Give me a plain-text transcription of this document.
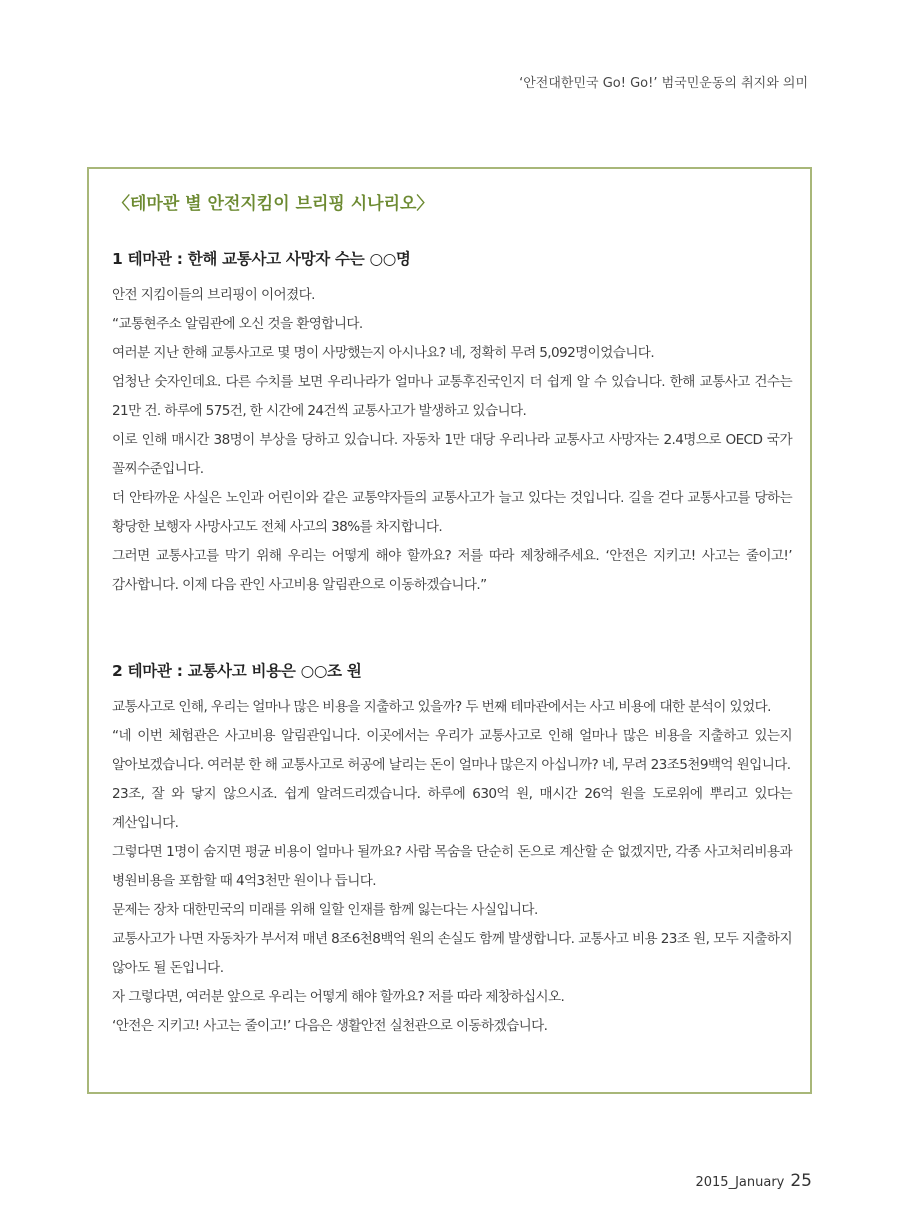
‘안전대한민국 Go! Go!’ 범국민운동의 취지와 의미
〈테마관 별 안전지킴이 브리핑 시나리오〉
1 테마관 : 한해 교통사고 사망자 수는 ○○명

안전 지킴이들의 브리핑이 이어졌다.

“교통현주소 알림관에 오신 것을 환영합니다.

여러분 지난 한해 교통사고로 몇 명이 사망했는지 아시나요? 네, 정확히 무려 5,092명이었습니다.

엄청난 숫자인데요. 다른 수치를 보면 우리나라가 얼마나 교통후진국인지 더 쉽게 알 수 있습니다. 한해 교통사고 건수는 21만 건. 하루에 575건, 한 시간에 24건씩 교통사고가 발생하고 있습니다.

이로 인해 매시간 38명이 부상을 당하고 있습니다. 자동차 1만 대당 우리나라 교통사고 사망자는 2.4명으로 OECD 국가 꼴찌수준입니다.

더 안타까운 사실은 노인과 어린이와 같은 교통약자들의 교통사고가 늘고 있다는 것입니다. 길을 걷다 교통사고를 당하는 황당한 보행자 사망사고도 전체 사고의 38%를 차지합니다.

그러면 교통사고를 막기 위해 우리는 어떻게 해야 할까요? 저를 따라 제창해주세요. ‘안전은 지키고! 사고는 줄이고!’ 감사합니다. 이제 다음 관인 사고비용 알림관으로 이동하겠습니다.”

2 테마관 : 교통사고 비용은 ○○조 원

교통사고로 인해, 우리는 얼마나 많은 비용을 지출하고 있을까? 두 번째 테마관에서는 사고 비용에 대한 분석이 있었다.

“네 이번 체험관은 사고비용 알림관입니다. 이곳에서는 우리가 교통사고로 인해 얼마나 많은 비용을 지출하고 있는지 알아보겠습니다. 여러분 한 해 교통사고로 허공에 날리는 돈이 얼마나 많은지 아십니까? 네, 무려 23조5천9백억 원입니다.

23조, 잘 와 닿지 않으시죠. 쉽게 알려드리겠습니다. 하루에 630억 원, 매시간 26억 원을 도로위에 뿌리고 있다는 계산입니다.

그렇다면 1명이 숨지면 평균 비용이 얼마나 될까요? 사람 목숨을 단순히 돈으로 계산할 순 없겠지만, 각종 사고처리비용과 병원비용을 포함할 때 4억3천만 원이나 듭니다.

문제는 장차 대한민국의 미래를 위해 일할 인재를 함께 잃는다는 사실입니다.

교통사고가 나면 자동차가 부서져 매년 8조6천8백억 원의 손실도 함께 발생합니다. 교통사고 비용 23조 원, 모두 지출하지 않아도 될 돈입니다.

자 그렇다면, 여러분 앞으로 우리는 어떻게 해야 할까요? 저를 따라 제창하십시오.

‘안전은 지키고! 사고는 줄이고!’ 다음은 생활안전 실천관으로 이동하겠습니다.

2015_January 25
